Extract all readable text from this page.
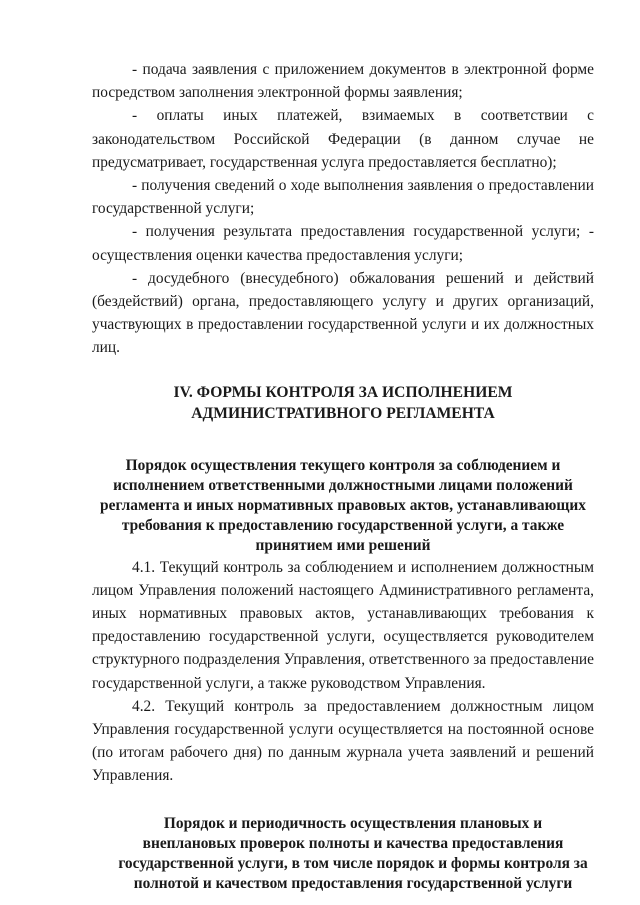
- подача заявления с приложением документов в электронной форме посредством заполнения электронной формы заявления;

- оплаты иных платежей, взимаемых в соответствии с законодательством Российской Федерации (в данном случае не предусматривает, государственная услуга предоставляется бесплатно);

- получения сведений о ходе выполнения заявления о предоставлении государственной услуги;

- получения результата предоставления государственной услуги; - осуществления оценки качества предоставления услуги;

- досудебного (внесудебного) обжалования решений и действий (бездействий) органа, предоставляющего услугу и других организаций, участвующих в предоставлении государственной услуги и их должностных лиц.

IV. ФОРМЫ КОНТРОЛЯ ЗА ИСПОЛНЕНИЕМ
АДМИНИСТРАТИВНОГО РЕГЛАМЕНТА
Порядок осуществления текущего контроля за соблюдением и
исполнением ответственными должностными лицами положений
регламента и иных нормативных правовых актов, устанавливающих
требования к предоставлению государственной услуги, а также
принятием ими решений

4.1. Текущий контроль за соблюдением и исполнением должностным лицом Управления положений настоящего Административного регламента, иных нормативных правовых актов, устанавливающих требования к предоставлению государственной услуги, осуществляется руководителем структурного подразделения Управления, ответственного за предоставление государственной услуги, а также руководством Управления.

4.2. Текущий контроль за предоставлением должностным лицом Управления государственной услуги осуществляется на постоянной основе (по итогам рабочего дня) по данным журнала учета заявлений и решений Управления.

Порядок и периодичность осуществления плановых и
внеплановых проверок полноты и качества предоставления
государственной услуги, в том числе порядок и формы контроля за
полнотой и качеством предоставления государственной услуги
